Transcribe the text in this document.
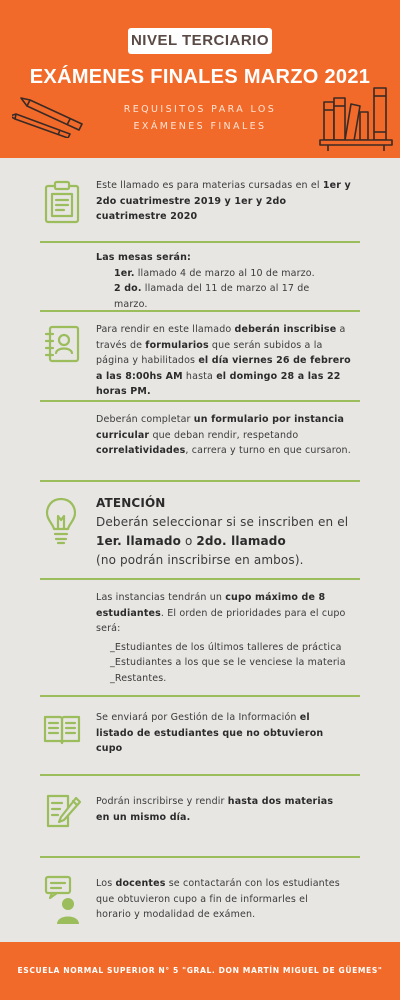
NIVEL TERCIARIO
EXÁMENES FINALES MARZO 2021
REQUISITOS PARA LOS EXÁMENES FINALES
Este llamado es para materias cursadas en el 1er y 2do cuatrimestre 2019 y 1er y 2do cuatrimestre 2020
Las mesas serán:
1er. llamado 4 de marzo al 10 de marzo.
2 do. llamada del 11 de marzo al 17 de marzo.
Para rendir en este llamado deberán inscribise a través de formularios que serán subidos a la página y habilitados el día viernes 26 de febrero a las 8:00hs AM hasta el domingo 28 a las 22 horas PM.
Deberán completar un formulario por instancia curricular que deban rendir, respetando correlatividades, carrera y turno en que cursaron.
ATENCIÓN
Deberán seleccionar si se inscriben en el 1er. llamado o 2do. llamado
(no podrán inscribirse en ambos).
Las instancias tendrán un cupo máximo de 8 estudiantes. El orden de prioridades para el cupo será:
_Estudiantes de los últimos talleres de práctica
_Estudiantes a los que se le venciese la materia
_Restantes.
Se enviará por Gestión de la Información el listado de estudiantes que no obtuvieron cupo
Podrán inscribirse y rendir hasta dos materias en un mismo día.
Los docentes se contactarán con los estudiantes que obtuvieron cupo a fin de informarles el horario y modalidad de exámen.
ESCUELA NORMAL SUPERIOR N° 5 "GRAL. DON MARTÍN MIGUEL DE GÜEMES"
